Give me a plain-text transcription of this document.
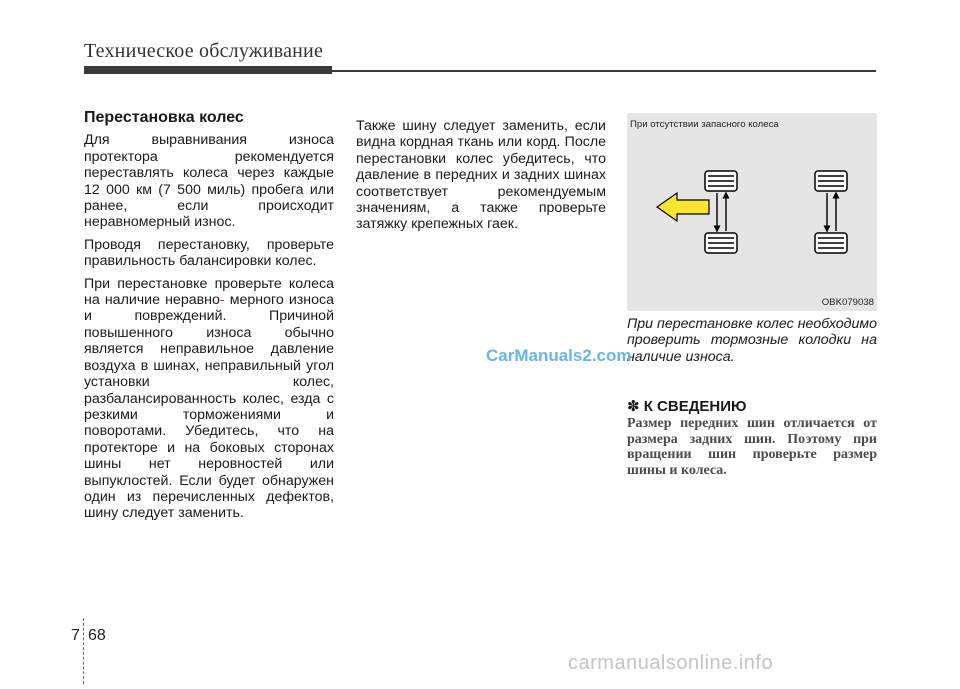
Техническое обслуживание
Перестановка колес

Для выравнивания износа протектора рекомендуется переставлять колеса через каждые 12 000 км (7 500 миль) пробега или ранее, если происходит неравномерный износ.

Проводя перестановку, проверьте правильность балансировки колес.

При перестановке проверьте колеса на наличие неравно- мерного износа и повреждений. Причиной повышенного износа обычно является неправильное давление воздуха в шинах, неправильный угол установки колес, разбалансированность колес, езда с резкими торможениями и поворотами. Убедитесь, что на протекторе и на боковых сторонах шины нет неровностей или выпуклостей. Если будет обнаружен один из перечисленных дефектов, шину следует заменить.

Также шину следует заменить, если видна кордная ткань или корд. После перестановки колес убедитесь, что давление в передних и задних шинах соответствует рекомендуемым значениям, а также проверьте затяжку крепежных гаек.

При отсутствии запасного колеса
OBK079038
При перестановке колес необходимо проверить тормозные колодки на наличие износа.
✽ К СВЕДЕНИЮ
Размер передних шин отличается от размера задних шин. Поэтому при вращении шин проверьте размер шины и колеса.
CarManuals2.com
carmanualsonline.info
7 68
